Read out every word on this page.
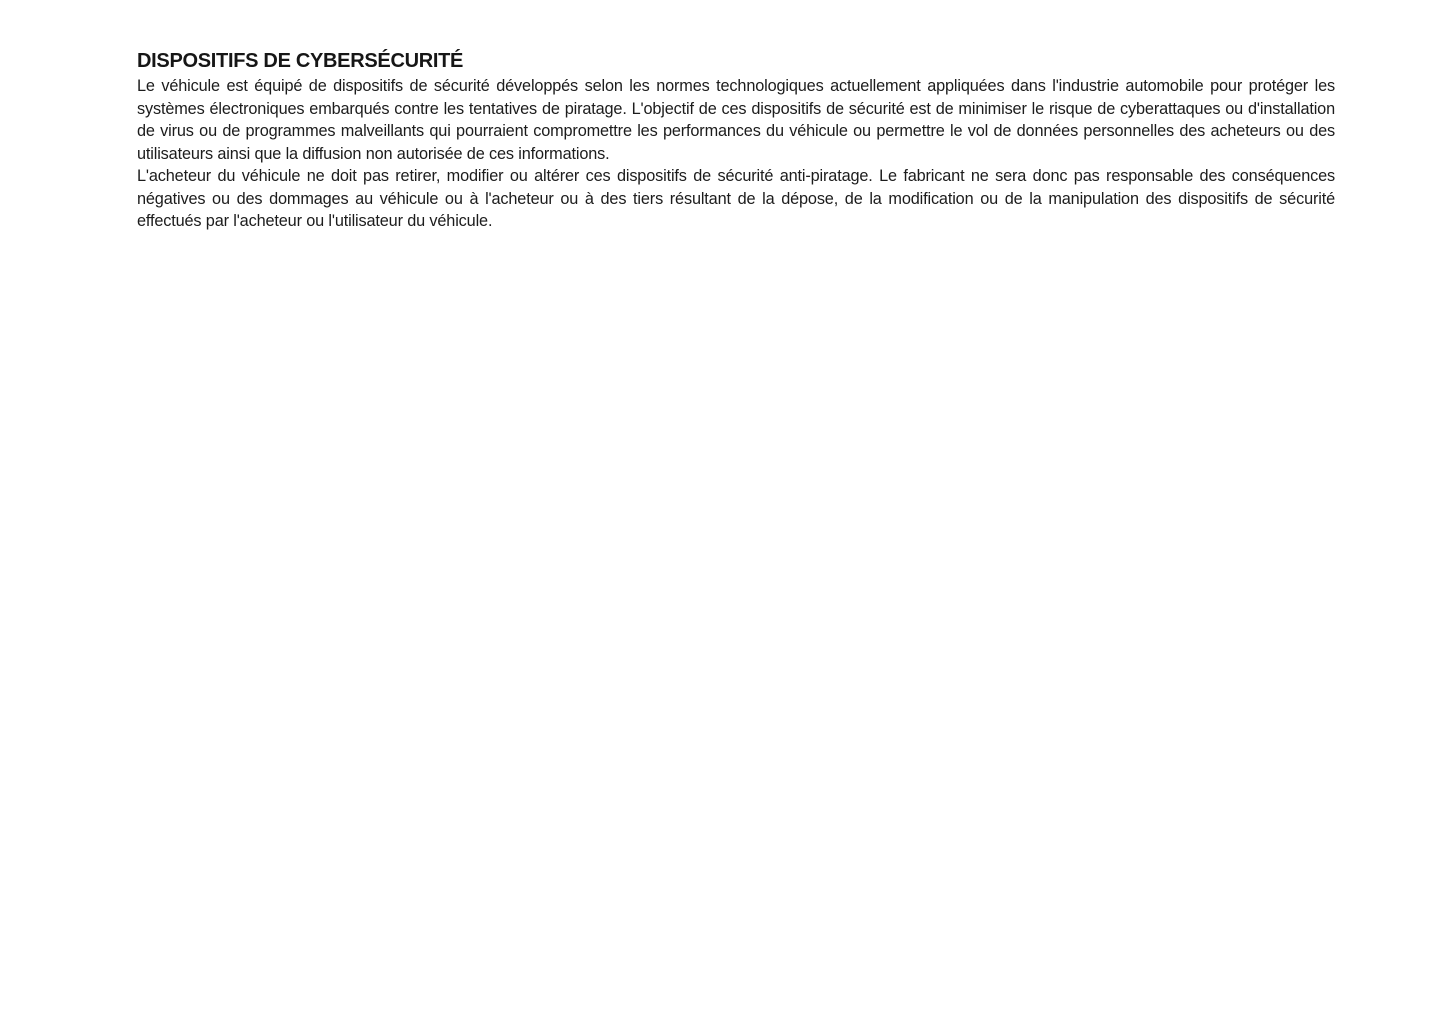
DISPOSITIFS DE CYBERSÉCURITÉ

Le véhicule est équipé de dispositifs de sécurité développés selon les normes technologiques actuellement appliquées dans l'industrie automobile pour protéger les systèmes électroniques embarqués contre les tentatives de piratage. L'objectif de ces dispositifs de sécurité est de minimiser le risque de cyberattaques ou d'installation de virus ou de programmes malveillants qui pourraient compromettre les performances du véhicule ou permettre le vol de données personnelles des acheteurs ou des utilisateurs ainsi que la diffusion non autorisée de ces informations.

L'acheteur du véhicule ne doit pas retirer, modifier ou altérer ces dispositifs de sécurité anti-piratage. Le fabricant ne sera donc pas responsable des conséquences négatives ou des dommages au véhicule ou à l'acheteur ou à des tiers résultant de la dépose, de la modification ou de la manipulation des dispositifs de sécurité effectués par l'acheteur ou l'utilisateur du véhicule.
